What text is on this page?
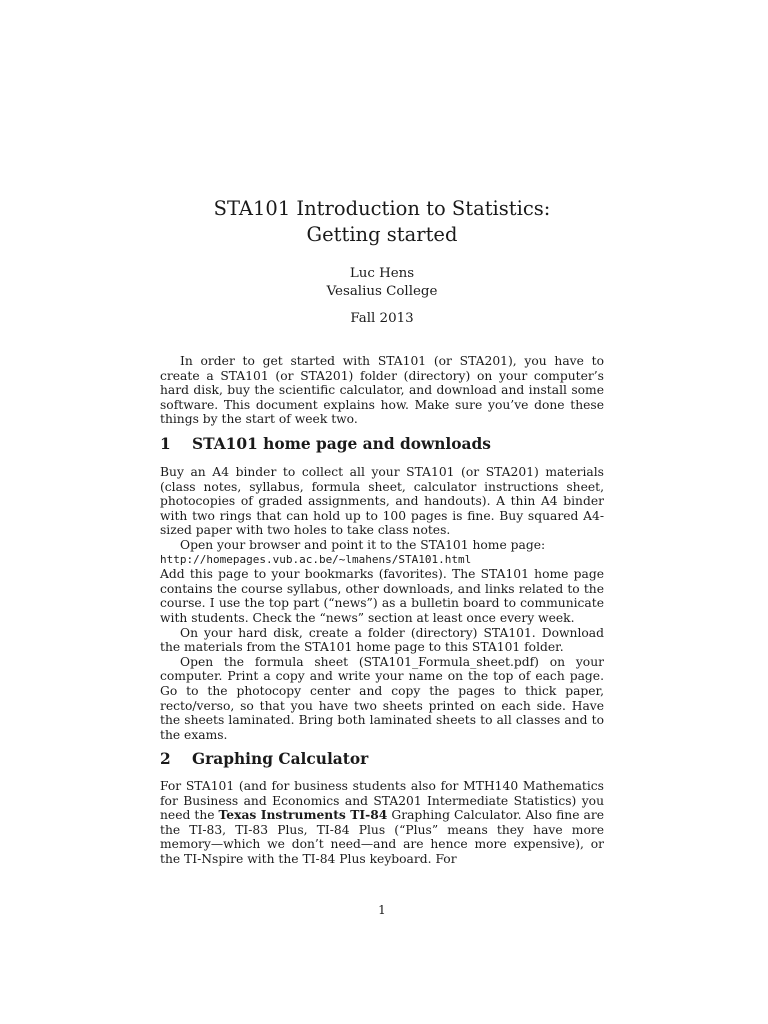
STA101 Introduction to Statistics:
Getting started
Luc Hens
Vesalius College
Fall 2013

In order to get started with STA101 (or STA201), you have to create a STA101 (or STA201) folder (directory) on your computer’s hard disk, buy the scientific calculator, and download and install some software. This document explains how. Make sure you’ve done these things by the start of week two.

1 STA101 home page and downloads

Buy an A4 binder to collect all your STA101 (or STA201) materials (class notes, syllabus, formula sheet, calculator instructions sheet, photocopies of graded assignments, and handouts). A thin A4 binder with two rings that can hold up to 100 pages is fine. Buy squared A4-sized paper with two holes to take class notes.

Open your browser and point it to the STA101 home page:

http://homepages.vub.ac.be/~lmahens/STA101.html

Add this page to your bookmarks (favorites). The STA101 home page contains the course syllabus, other downloads, and links related to the course. I use the top part (“news”) as a bulletin board to communicate with students. Check the “news” section at least once every week.

On your hard disk, create a folder (directory) STA101. Download the materials from the STA101 home page to this STA101 folder.

Open the formula sheet (STA101_Formula_sheet.pdf) on your computer. Print a copy and write your name on the top of each page. Go to the photocopy center and copy the pages to thick paper, recto/verso, so that you have two sheets printed on each side. Have the sheets laminated. Bring both laminated sheets to all classes and to the exams.

2 Graphing Calculator

For STA101 (and for business students also for MTH140 Mathematics for Business and Economics and STA201 Intermediate Statistics) you need the Texas Instruments TI-84 Graphing Calculator. Also fine are the TI-83, TI-83 Plus, TI-84 Plus (“Plus” means they have more memory—which we don’t need—and are hence more expensive), or the TI-Nspire with the TI-84 Plus keyboard. For

1
